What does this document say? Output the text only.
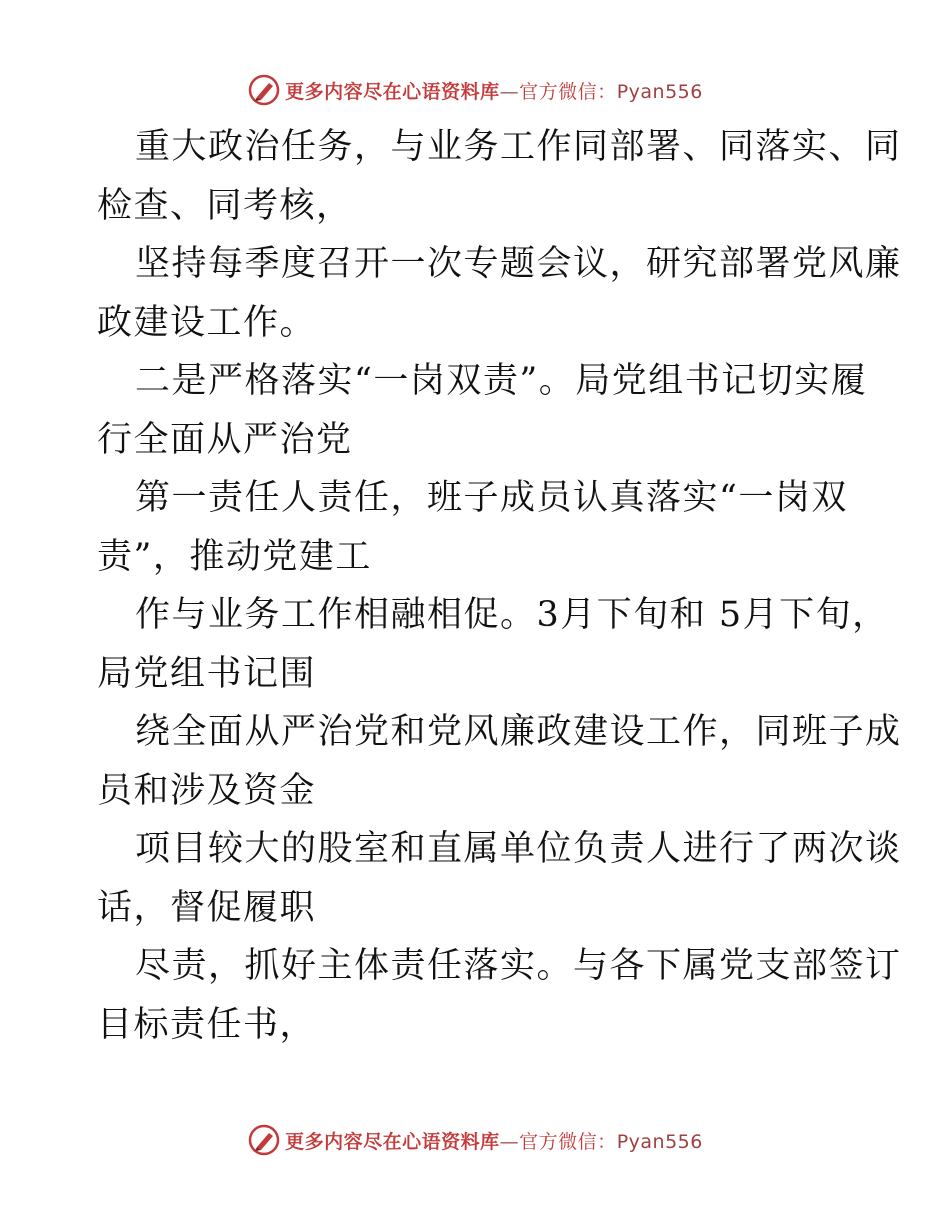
更多内容尽在心语资料库—官方微信：Pyan556

重大政治任务，与业务工作同部署、同落实、同
检查、同考核，

坚持每季度召开一次专题会议，研究部署党风廉
政建设工作。

二是严格落实“一岗双责”。局党组书记切实履
行全面从严治党

第一责任人责任，班子成员认真落实“一岗双
责”，推动党建工

作与业务工作相融相促。3月下旬和 5月下旬，
局党组书记围

绕全面从严治党和党风廉政建设工作，同班子成
员和涉及资金

项目较大的股室和直属单位负责人进行了两次谈
话，督促履职

尽责，抓好主体责任落实。与各下属党支部签订
目标责任书，

更多内容尽在心语资料库—官方微信：Pyan556
